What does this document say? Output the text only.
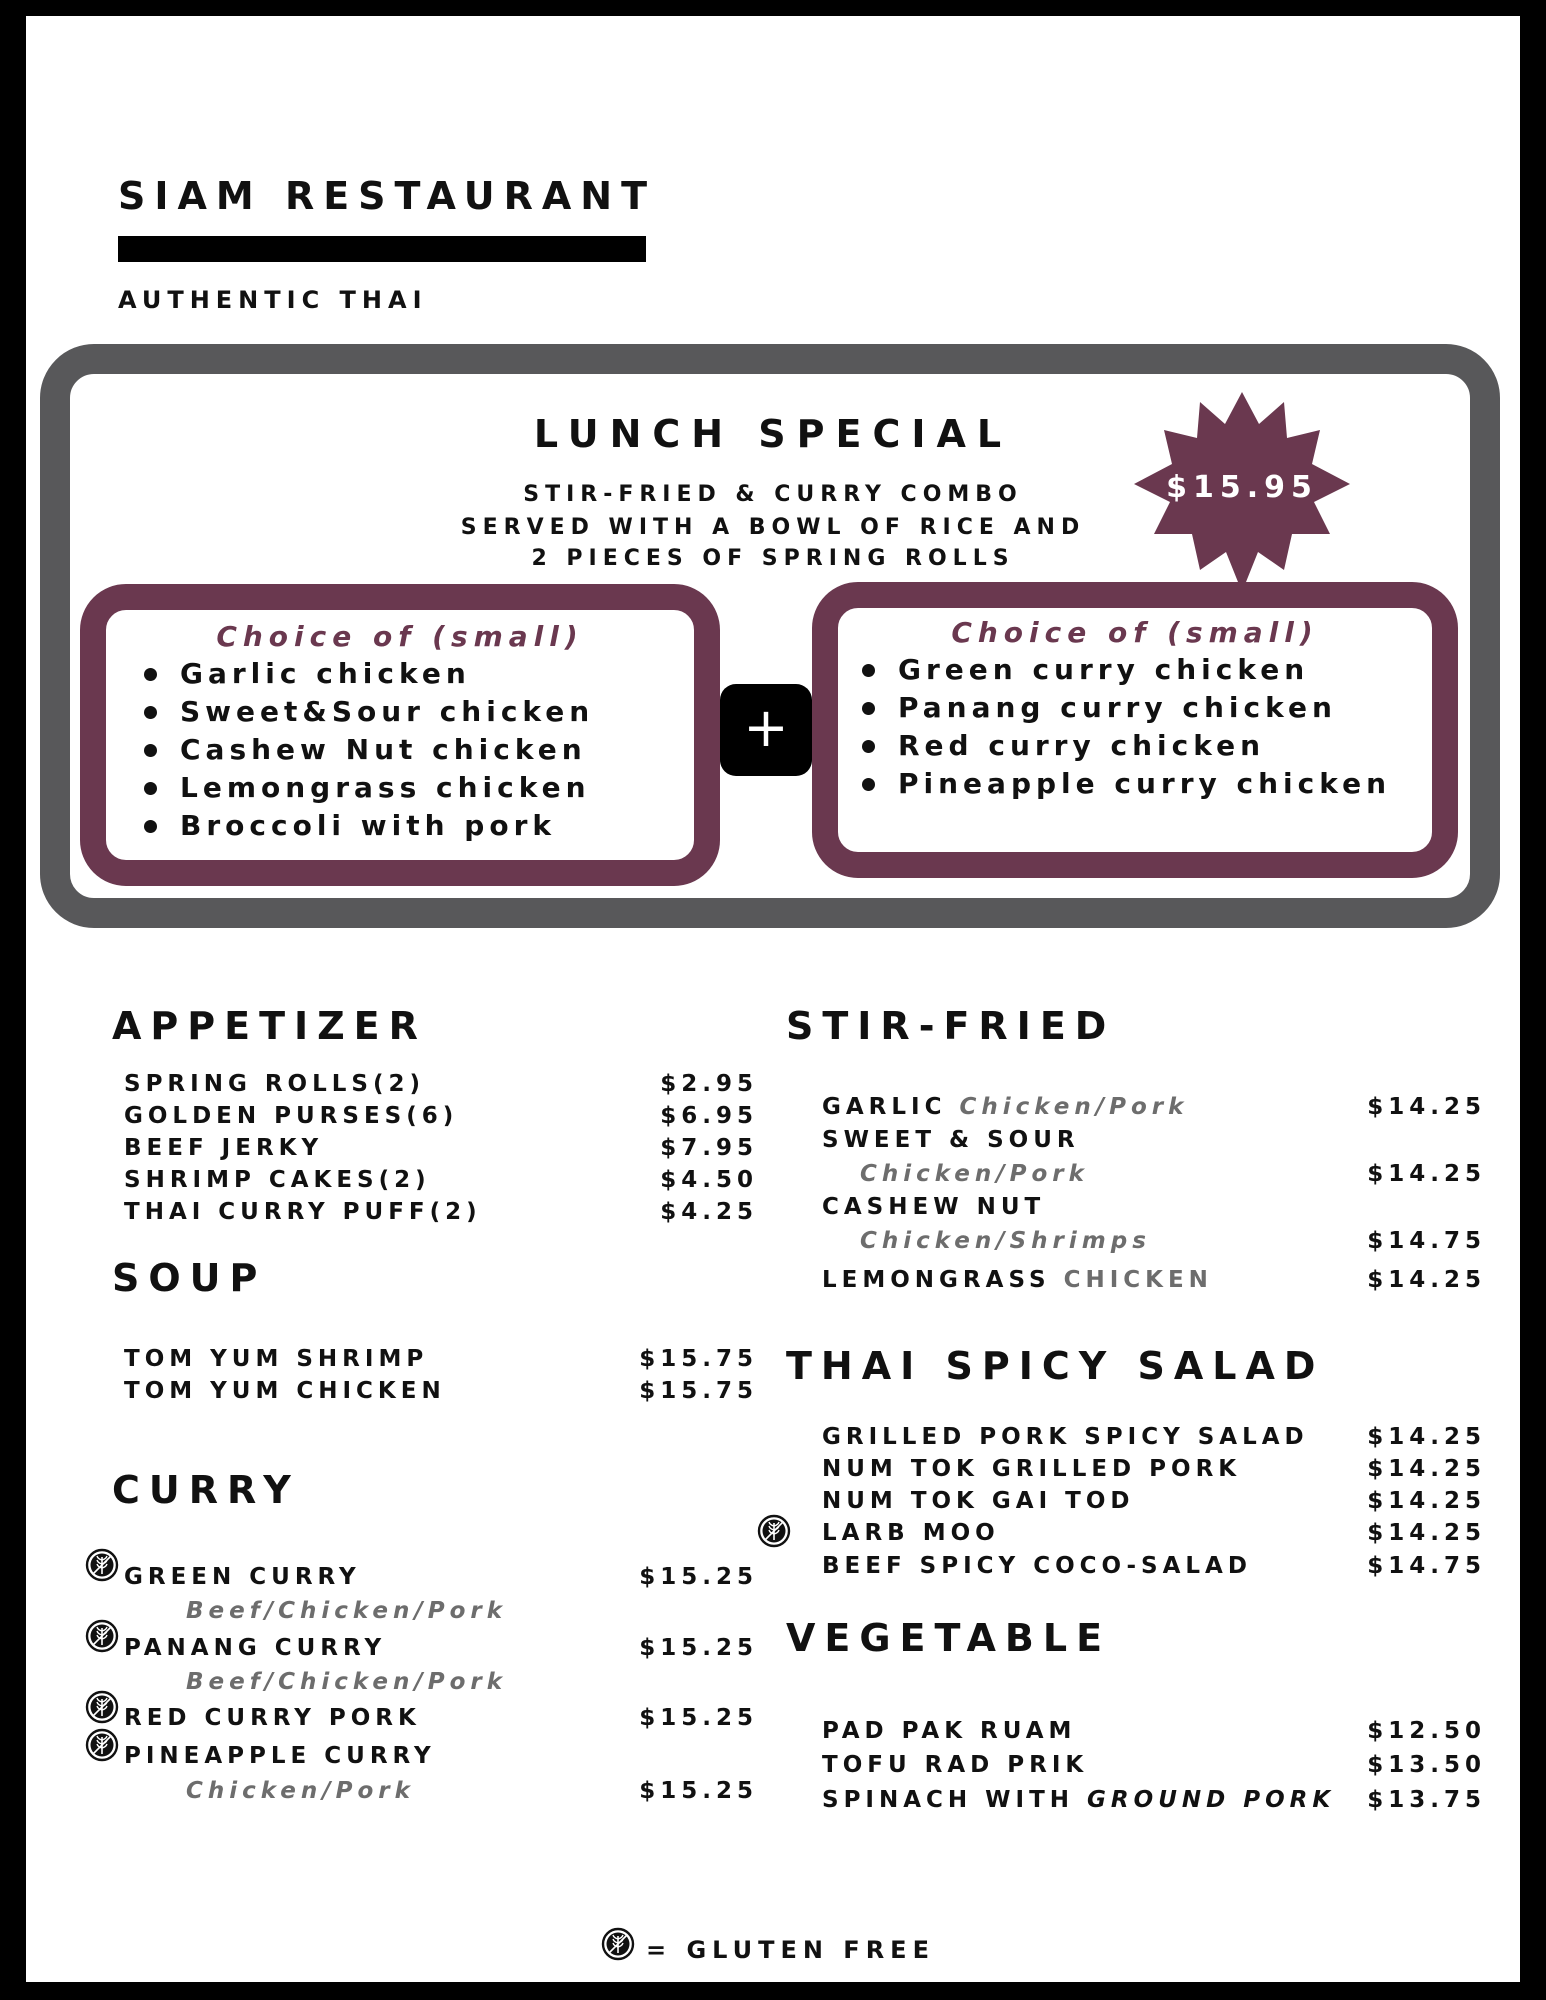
SIAM RESTAURANT
AUTHENTIC THAI
LUNCH SPECIAL
STIR-FRIED & CURRY COMBO
SERVED WITH A BOWL OF RICE AND
2 PIECES OF SPRING ROLLS
$15.95
Choice of (small)
Garlic chicken
Sweet&Sour chicken
Cashew Nut chicken
Lemongrass chicken
Broccoli with pork
+
Choice of (small)
Green curry chicken
Panang curry chicken
Red curry chicken
Pineapple curry chicken
APPETIZER
SPRING ROLLS(2)	$2.95
GOLDEN PURSES(6)	$6.95
BEEF JERKY	$7.95
SHRIMP CAKES(2)	$4.50
THAI CURRY PUFF(2)	$4.25
SOUP
TOM YUM SHRIMP	$15.75
TOM YUM CHICKEN	$15.75
CURRY
GREEN CURRY	$15.25
Beef/Chicken/Pork
PANANG CURRY	$15.25
Beef/Chicken/Pork
RED CURRY PORK	$15.25
PINEAPPLE CURRY
Chicken/Pork	$15.25
STIR-FRIED
GARLIC Chicken/Pork	$14.25
SWEET & SOUR
Chicken/Pork	$14.25
CASHEW NUT
Chicken/Shrimps	$14.75
LEMONGRASS CHICKEN	$14.25
THAI SPICY SALAD
GRILLED PORK SPICY SALAD	$14.25
NUM TOK GRILLED PORK	$14.25
NUM TOK GAI TOD	$14.25
LARB MOO	$14.25
BEEF SPICY COCO-SALAD	$14.75
VEGETABLE
PAD PAK RUAM	$12.50
TOFU RAD PRIK	$13.50
SPINACH WITH GROUND PORK $13.75
= GLUTEN FREE
